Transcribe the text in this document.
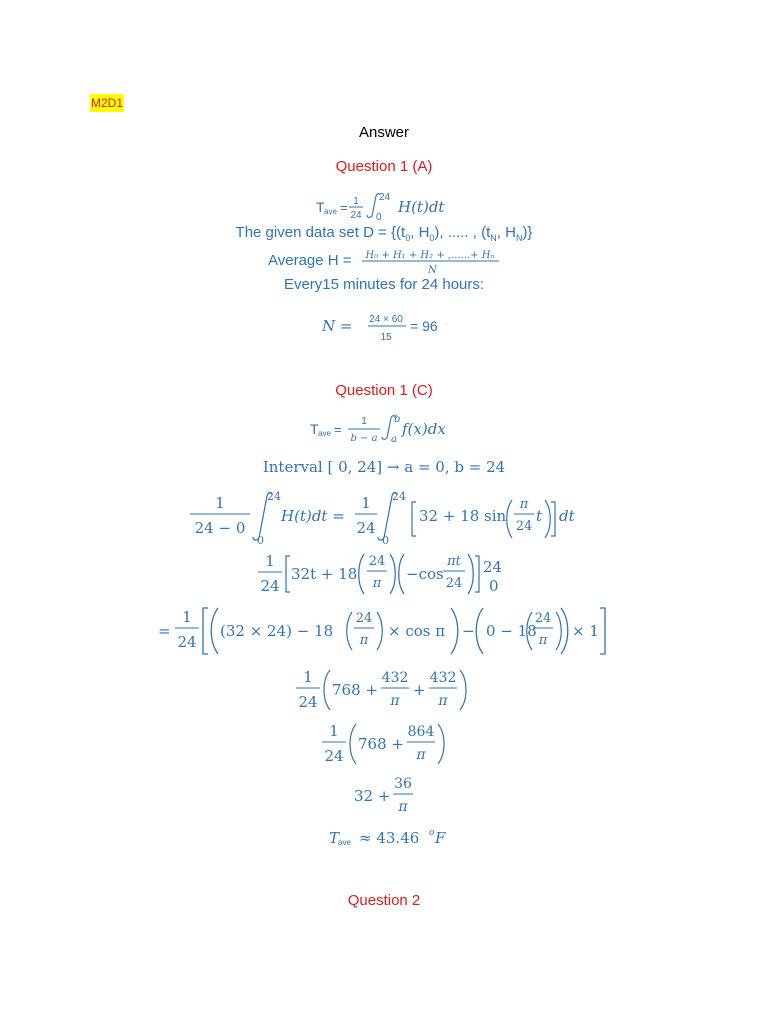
M2D1
Answer
Question 1 (A)
T ave = 1
24
24
0
H(t)dt
The given data set $D = \{(t_0$, $H_0$), ..... , ($t_N$, $H_N$)}
Average H = H₀ + H₁ + H₂ + ,......+ Hₙ
N
Every15 minutes for 24 hours:
N = 24 × 60
15
= 96
Question 1 (C)
T ave =
1
b − a
b
a
f(x)dx
Interval [ 0, 24] → a = 0, b = 24
1
24 − 0
24
0
H(t)dt =
1
24
24
0
32 + 18 sin
π
24
t dt
1
24
32t + 18
24
π
−cos
πt
24
24
0
=
1
24
(32 × 24) − 18
24
π
× cos π − 0 − 18
24
π
× 1
1
24
768 +
432
π
+
432
π
1
24
768 +
864
π
32 +
36
π
T
ave ≈ 43.46 o F
Question 2
